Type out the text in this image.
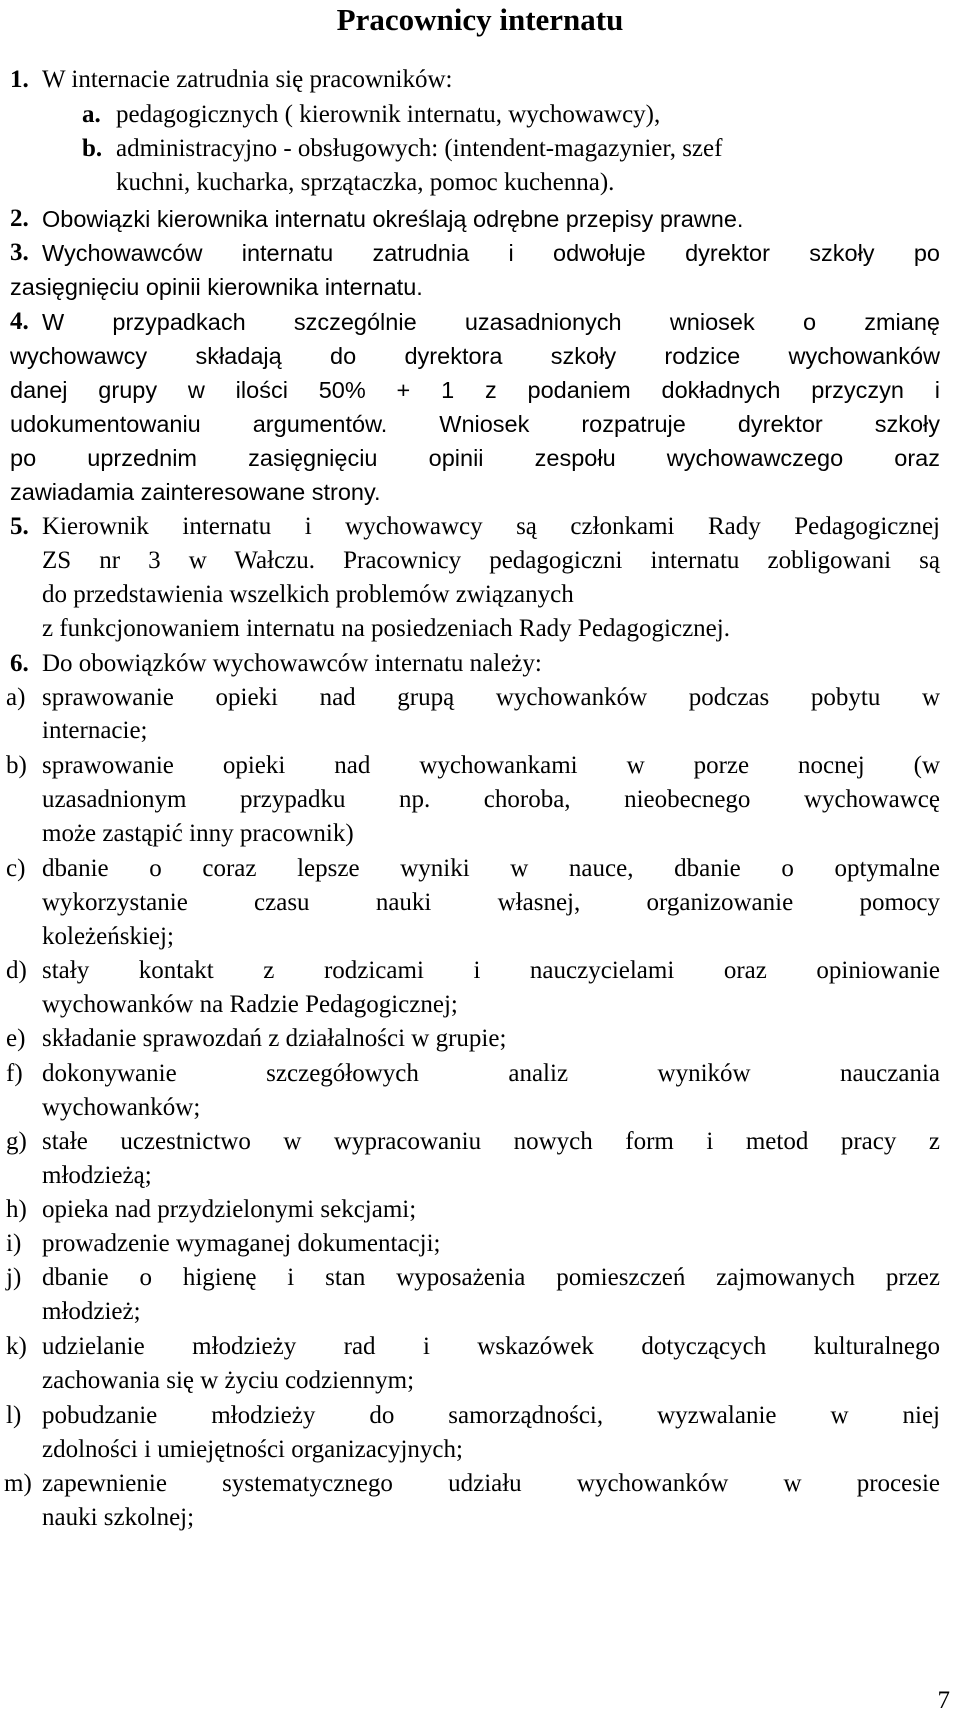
Pracownicy internatu
1. W internacie zatrudnia się pracowników:
a. pedagogicznych ( kierownik internatu, wychowawcy),
b. administracyjno - obsługowych: (intendent-magazynier, szef
kuchni, kucharka, sprzątaczka, pomoc kuchenna).
2. Obowiązki kierownika internatu określają odrębne przepisy prawne.
3. Wychowawców internatu zatrudnia i odwołuje dyrektor szkoły po
zasięgnięciu opinii kierownika internatu.
4. W przypadkach szczególnie uzasadnionych wniosek o zmianę
wychowawcy składają do dyrektora szkoły rodzice wychowanków
danej grupy w ilości 50% + 1 z podaniem dokładnych przyczyn i
udokumentowaniu argumentów. Wniosek rozpatruje dyrektor szkoły
po uprzednim zasięgnięciu opinii zespołu wychowawczego oraz
zawiadamia zainteresowane strony.
5. Kierownik internatu i wychowawcy są członkami Rady Pedagogicznej
ZS nr 3 w Wałczu. Pracownicy pedagogiczni internatu zobligowani są
do przedstawienia wszelkich problemów związanych
z funkcjonowaniem internatu na posiedzeniach Rady Pedagogicznej.
6. Do obowiązków wychowawców internatu należy:
a) sprawowanie opieki nad grupą wychowanków podczas pobytu w
internacie;
b) sprawowanie opieki nad wychowankami w porze nocnej (w
uzasadnionym przypadku np. choroba, nieobecnego wychowawcę
może zastąpić inny pracownik)
c) dbanie o coraz lepsze wyniki w nauce, dbanie o optymalne
wykorzystanie czasu nauki własnej, organizowanie pomocy
koleżeńskiej;
d) stały kontakt z rodzicami i nauczycielami oraz opiniowanie
wychowanków na Radzie Pedagogicznej;
e) składanie sprawozdań z działalności w grupie;
f) dokonywanie szczegółowych analiz wyników nauczania
wychowanków;
g) stałe uczestnictwo w wypracowaniu nowych form i metod pracy z
młodzieżą;
h) opieka nad przydzielonymi sekcjami;
i) prowadzenie wymaganej dokumentacji;
j) dbanie o higienę i stan wyposażenia pomieszczeń zajmowanych przez
młodzież;
k) udzielanie młodzieży rad i wskazówek dotyczących kulturalnego
zachowania się w życiu codziennym;
l) pobudzanie młodzieży do samorządności, wyzwalanie w niej
zdolności i umiejętności organizacyjnych;
m) zapewnienie systematycznego udziału wychowanków w procesie
nauki szkolnej;
7
